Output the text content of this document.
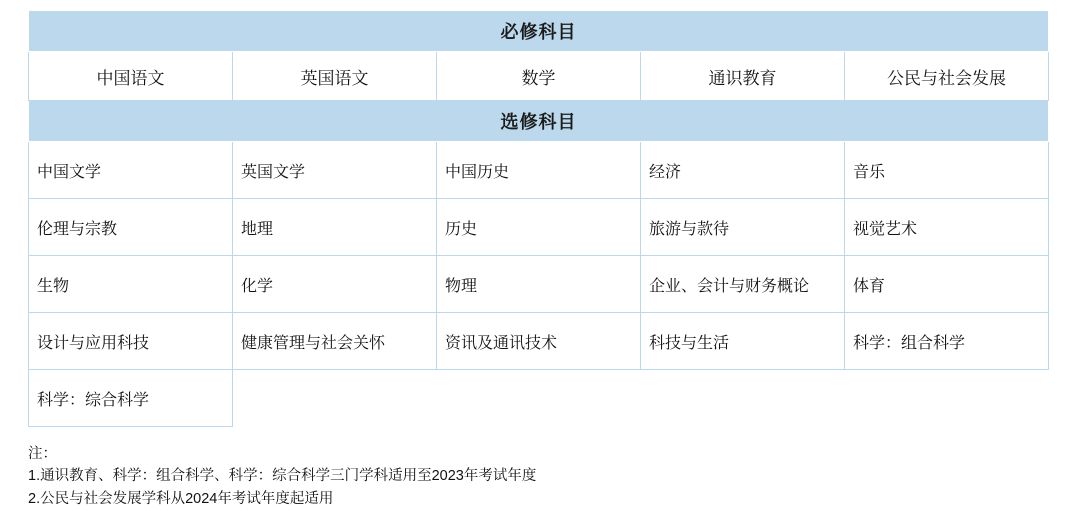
必修科目				
中国语文	英国语文	数学	通识教育	公民与社会发展
选修科目				
中国文学	英国文学	中国历史	经济	音乐
伦理与宗教	地理	历史	旅游与款待	视觉艺术
生物	化学	物理	企业、会计与财务概论	体育
设计与应用科技	健康管理与社会关怀	资讯及通讯技术	科技与生活	科学：组合科学
科学：综合科学				
注：
1.通识教育、科学：组合科学、科学：综合科学三门学科适用至2023年考试年度
2.公民与社会发展学科从2024年考试年度起适用
